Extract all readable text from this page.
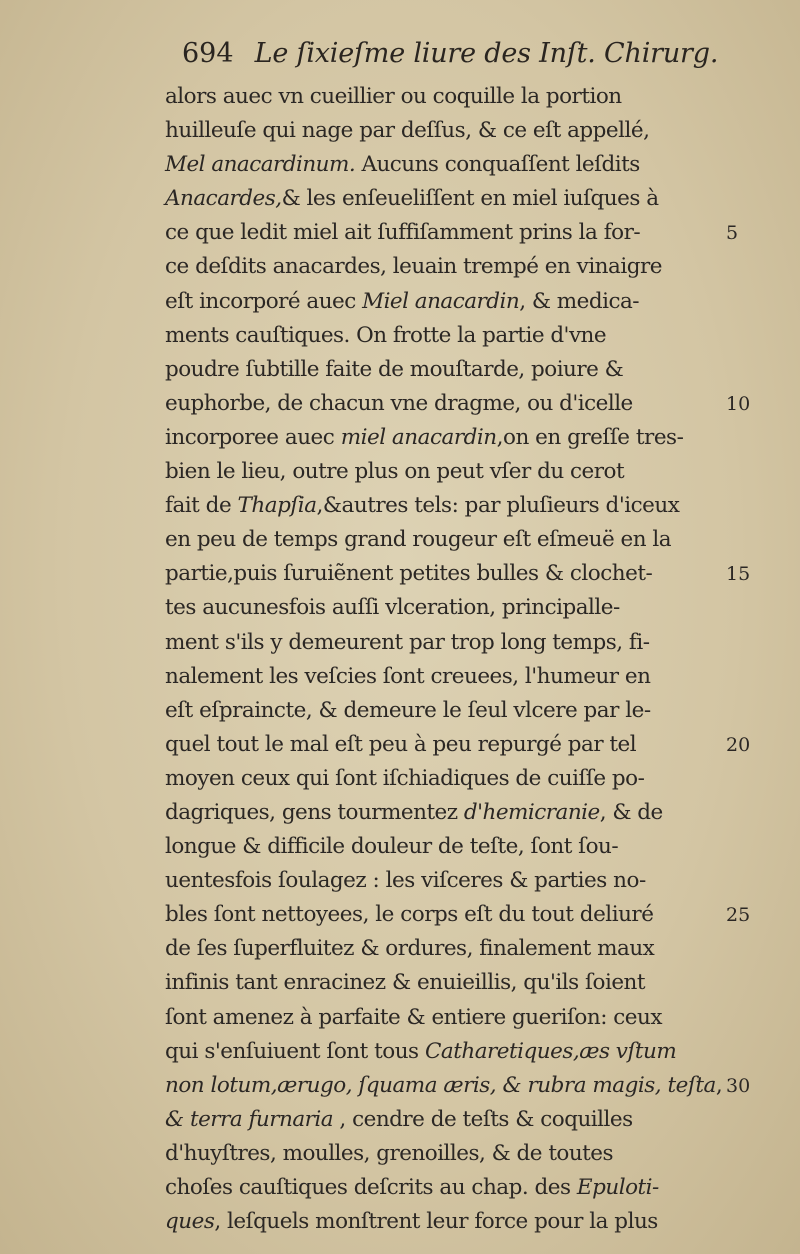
694 Le ſixieſme liure des Inſt. Chirurg.
alors auec vn cueillier ou coquille la portion
huilleuſe qui nage par deſſus, & ce eſt appellé,
Mel anacardinum. Aucuns conquaſſent leſdits
Anacardes,& les enſeueliſſent en miel iuſques à
ce que ledit miel ait ſuffiſamment prins la for-
ce deſdits anacardes, leuain trempé en vinaigre
eſt incorporé auec Miel anacardin, & medica-
ments cauſtiques. On frotte la partie d'vne
poudre ſubtille faite de mouſtarde, poiure &
euphorbe, de chacun vne dragme, ou d'icelle
incorporee auec miel anacardin,on en greſſe tres-
bien le lieu, outre plus on peut vſer du cerot
fait de Thapſia,&autres tels: par pluſieurs d'iceux
en peu de temps grand rougeur eſt eſmeuë en la
partie,puis ſuruiẽnent petites bulles & clochet-
tes aucunesfois auſſi vlceration, principalle-
ment s'ils y demeurent par trop long temps, fi-
nalement les veſcies ſont creuees, l'humeur en
eſt eſpraincte, & demeure le ſeul vlcere par le-
quel tout le mal eſt peu à peu repurgé par tel
moyen ceux qui ſont iſchiadiques de cuiſſe po-
dagriques, gens tourmentez d'hemicranie, & de
longue & difficile douleur de teſte, ſont ſou-
uentesfois ſoulagez : les viſceres & parties no-
bles ſont nettoyees, le corps eſt du tout deliuré
de ſes ſuperfluitez & ordures, finalement maux
infinis tant enracinez & enuieillis, qu'ils ſoient
ſont amenez à parfaite & entiere gueriſon: ceux
qui s'enſuiuent ſont tous Catharetiques,æs vſtum
non lotum,ærugo, ſquama æris, & rubra magis, teſta,
& terra furnaria , cendre de teſts & coquilles
d'huyſtres, moulles, grenoilles, & de toutes
choſes cauſtiques deſcrits au chap. des Epuloti-
ques, leſquels monſtrent leur force pour la plus
5
10
15
20
25
30
